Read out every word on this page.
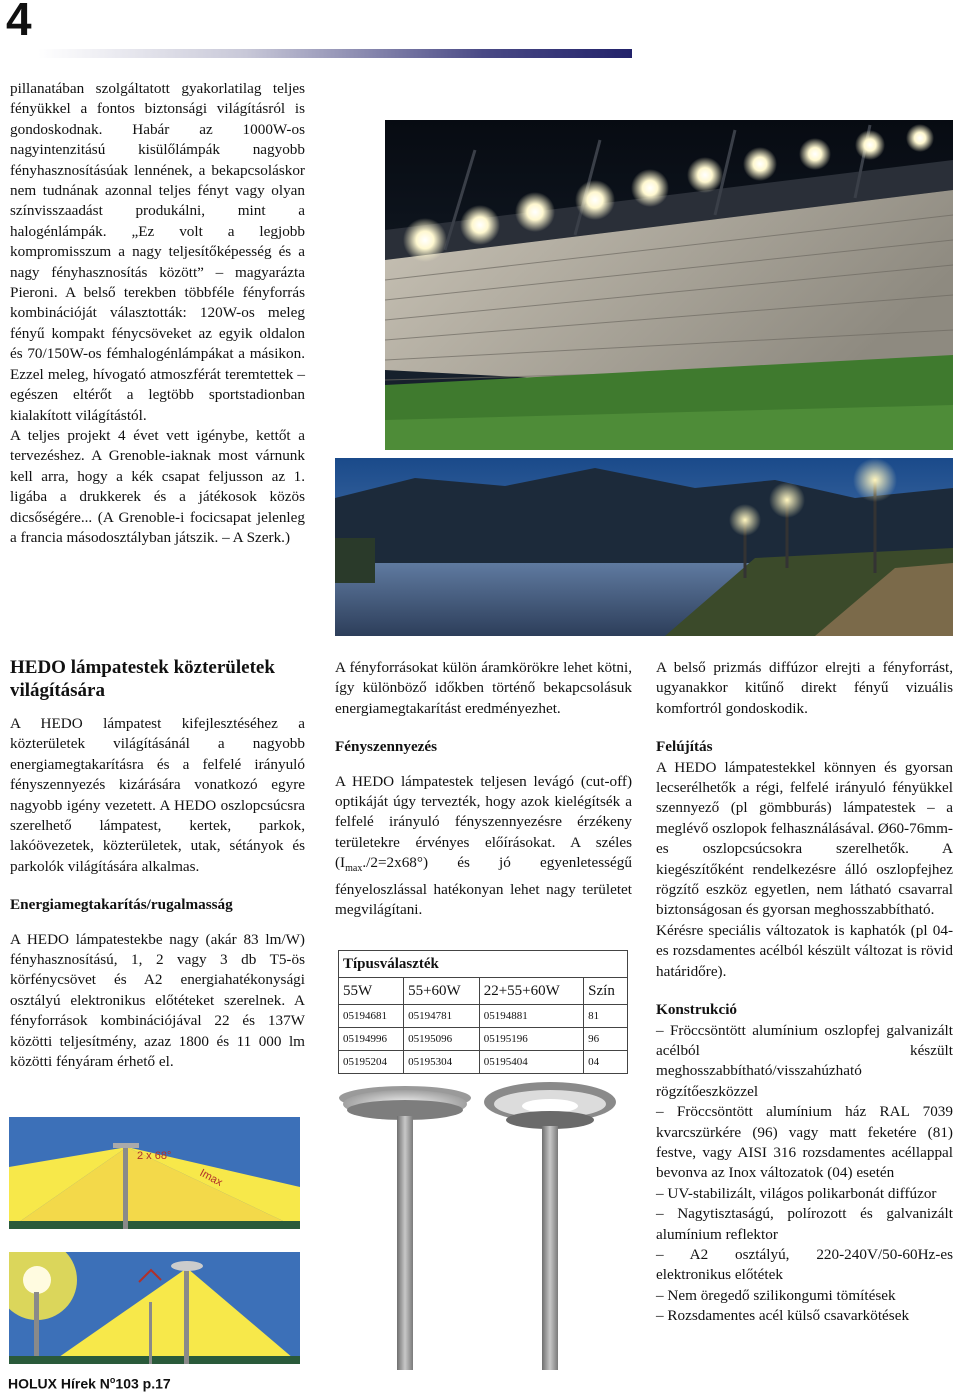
4

pillanatában szolgáltatott gyakorlatilag teljes fényükkel a fontos biztonsági világításról is gondoskodnak. Habár az 1000W-os nagyintenzitású kisülőlámpák nagyobb fényhasznosításúak lennének, a bekapcsoláskor nem tudnának azonnal teljes fényt vagy olyan színvisszaadást produkálni, mint a halogénlámpák. „Ez volt a legjobb kompromisszum a nagy teljesítőképesség és a nagy fényhasznosítás között” – magyarázta Pieroni. A belső terekben többféle fényforrás kombinációját választották: 120W-os meleg fényű kompakt fénycsöveket az egyik oldalon és 70/150W-os fémhalogénlámpákat a másikon. Ezzel meleg, hívogató atmoszférát teremtettek – egészen eltérőt a legtöbb sportstadionban kialakított világítástól.

A teljes projekt 4 évet vett igénybe, kettőt a tervezéshez. A Grenoble-iaknak most várnunk kell arra, hogy a kék csapat feljusson az 1. ligába a drukkerek és a játékosok közös dicsőségére... (A Grenoble-i focicsapat jelenleg a francia másodosztályban játszik. – A Szerk.)

HEDO lámpatestek közterületek világítására

A HEDO lámpatest kifejlesztéséhez a közterületek világításánál a nagyobb energiamegtakarításra és a felfelé irányuló fényszennyezés kizárására vonatkozó egyre nagyobb igény vezetett. A HEDO oszlopcsúcsra szerelhető lámpatest, kertek, parkok, lakóövezetek, közterületek, utak, sétányok és parkolók világítására alkalmas.

Energiamegtakarítás/rugalmasság

A HEDO lámpatestekbe nagy (akár 83 lm/W) fényhasznosítású, 1, 2 vagy 3 db T5-ös körfénycsövet és A2 energiahatékonysági osztályú elektronikus előtéteket szerelnek. A fényforrások kombinációjával 22 és 137W közötti teljesítmény, azaz 1800 és 11 000 lm közötti fényáram érhető el.

2 x 68°
Imax

A fényforrásokat külön áramkörökre lehet kötni, így különböző időkben történő bekapcsolásuk energiamegtakarítást eredményezhet.

Fényszennyezés

A HEDO lámpatestek teljesen levágó (cut-off) optikáját úgy tervezték, hogy azok kielégítsék a felfelé irányuló fényszennyezésre érzékeny területekre érvényes előírásokat. A széles $(I_{max}./2=2x68^\circ)$ és jó egyenletességű fényeloszlással hatékonyan lehet nagy területet megvilágítani.

Típusválaszték			
55W	55+60W	22+55+60W	Szín
05194681	05194781	05194881	81
05194996	05195096	05195196	96
05195204	05195304	05195404	04

A belső prizmás diffúzor elrejti a fényforrást, ugyanakkor kitűnő direkt fényű vizuális komfortról gondoskodik.

Felújítás

A HEDO lámpatestekkel könnyen és gyorsan lecserélhetők a régi, felfelé irányuló fényükkel szennyező (pl gömbburás) lámpatestek – a meglévő oszlopok felhasználásával. Ø60-76mm-es oszlopcsúcsokra szerelhetők. A kiegészítőként rendelkezésre álló oszlopfejhez rögzítő eszköz egyetlen, nem látható csavarral biztonságosan és gyorsan meghosszabbítható.

Kérésre speciális változatok is kaphatók (pl 04-es rozsdamentes acélból készült változat is rövid határidőre).

Konstrukció

– Fröccsöntött alumínium oszlopfej galvanizált acélból készült meghosszabbítható/visszahúzható rögzítőeszközzel

– Fröccsöntött alumínium ház RAL 7039 kvarcszürkére (96) vagy matt feketére (81) festve, vagy AISI 316 rozsdamentes acéllappal bevonva az Inox változatok (04) esetén

– UV-stabilizált, világos polikarbonát diffúzor

– Nagytisztaságú, polírozott és galvanizált alumínium reflektor

– A2 osztályú, 220-240V/50-60Hz-es elektronikus előtétek

– Nem öregedő szilikongumi tömítések

– Rozsdamentes acél külső csavarkötések

HOLUX Hírek $N^o103$ p.17
